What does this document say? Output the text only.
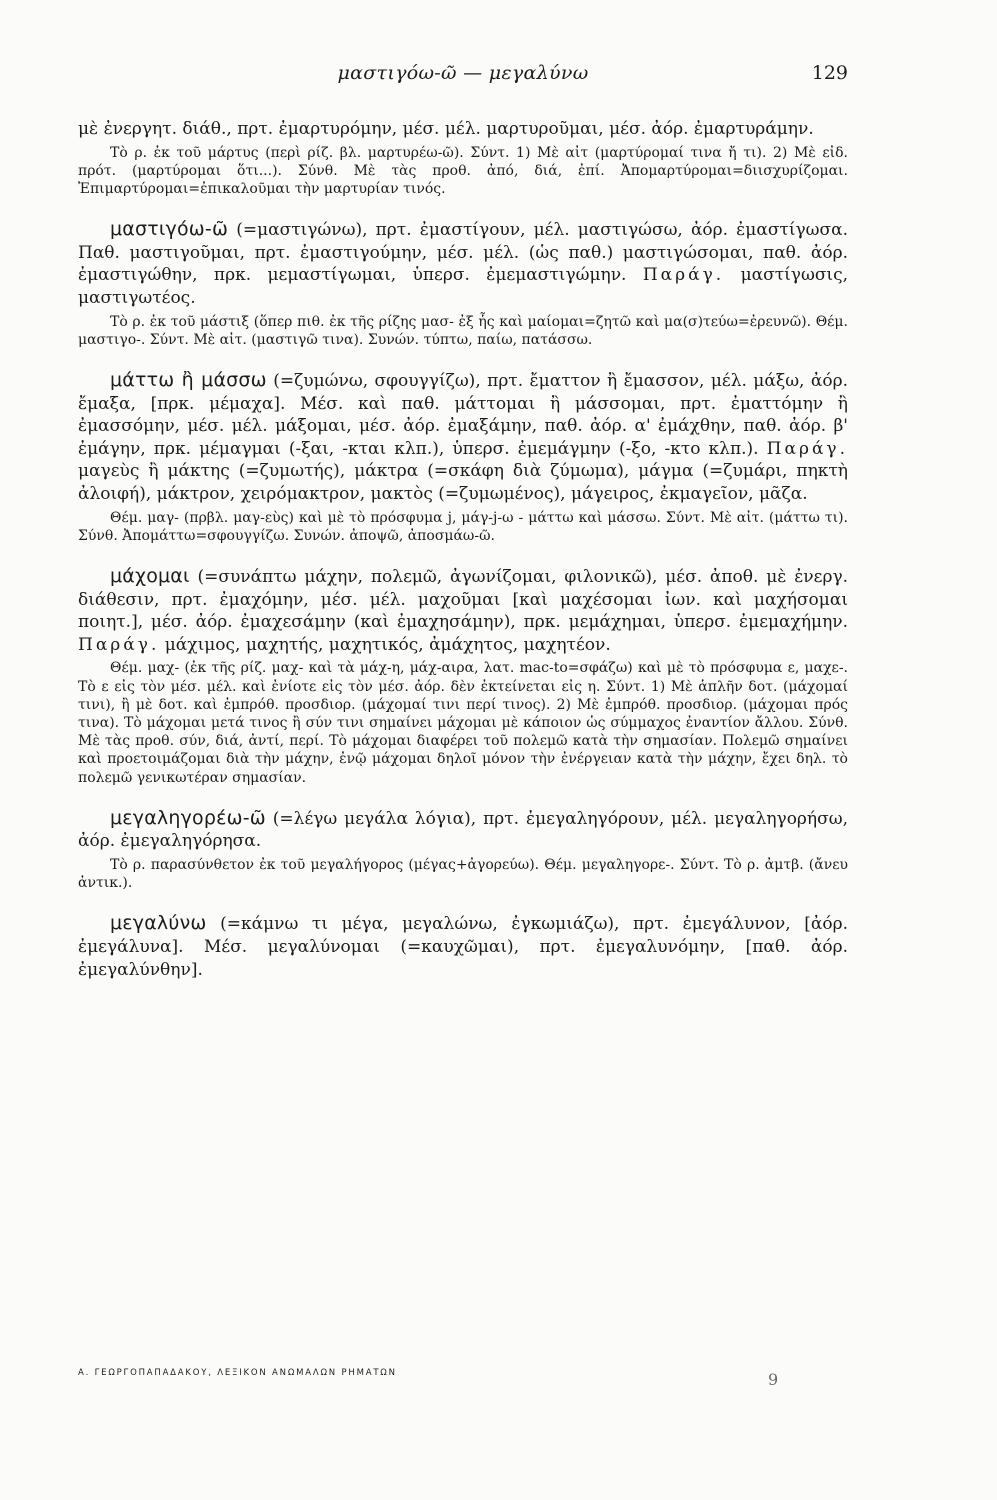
μαστιγόω-ῶ — μεγαλύνω	129

μὲ ἐνεργητ. διάθ., πρτ. ἐμαρτυρόμην, μέσ. μέλ. μαρτυροῦμαι, μέσ. ἀόρ. ἐμαρτυράμην.

Τὸ ρ. ἐκ τοῦ μάρτυς (περὶ ρίζ. βλ. μαρτυρέω-ῶ). Σύντ. 1) Μὲ αἰτ (μαρτύρομαί τινα ἤ τι). 2) Μὲ εἰδ. πρότ. (μαρτύρομαι ὅτι...). Σύνθ. Μὲ τὰς προθ. ἀπό, διά, ἐπί. Ἀπομαρτύρομαι=διισχυρίζομαι. Ἐπιμαρτύρομαι=ἐπικαλοῦμαι τὴν μαρτυρίαν τινός.

μαστιγόω-ῶ (=μαστιγώνω), πρτ. ἐμαστίγουν, μέλ. μαστιγώσω, ἀόρ. ἐμαστίγωσα. Παθ. μαστιγοῦμαι, πρτ. ἐμαστιγούμην, μέσ. μέλ. (ὡς παθ.) μαστιγώσομαι, παθ. ἀόρ. ἐμαστιγώθην, πρκ. μεμαστίγωμαι, ὑπερσ. ἐμεμαστιγώμην. Παράγ. μαστίγωσις, μαστιγωτέος.

Τὸ ρ. ἐκ τοῦ μάστιξ (ὅπερ πιθ. ἐκ τῆς ρίζης μασ- ἐξ ἧς καὶ μαίομαι=ζητῶ καὶ μα(σ)τεύω=ἐρευνῶ). Θέμ. μαστιγο-. Σύντ. Μὲ αἰτ. (μαστιγῶ τινα). Συνών. τύπτω, παίω, πατάσσω.

μάττω ἢ μάσσω (=ζυμώνω, σφουγγίζω), πρτ. ἔματτον ἢ ἔμασσον, μέλ. μάξω, ἀόρ. ἔμαξα, [πρκ. μέμαχα]. Μέσ. καὶ παθ. μάττομαι ἢ μάσσομαι, πρτ. ἐματτόμην ἢ ἐμασσόμην, μέσ. μέλ. μάξομαι, μέσ. ἀόρ. ἐμαξάμην, παθ. ἀόρ. α' ἐμάχθην, παθ. ἀόρ. β' ἐμάγην, πρκ. μέμαγμαι (-ξαι, -κται κλπ.), ὑπερσ. ἐμεμάγμην (-ξο, -κτο κλπ.). Παράγ. μαγεὺς ἢ μάκτης (=ζυμωτής), μάκτρα (=σκάφη διὰ ζύμωμα), μάγμα (=ζυμάρι, πηκτὴ ἀλοιφή), μάκτρον, χειρόμακτρον, μακτὸς (=ζυμωμένος), μάγειρος, ἐκμαγεῖον, μᾶζα.

Θέμ. μαγ- (πρβλ. μαγ-εὺς) καὶ μὲ τὸ πρόσφυμα j, μάγ-j-ω - μάττω καὶ μάσσω. Σύντ. Μὲ αἰτ. (μάττω τι). Σύνθ. Ἀπομάττω=σφουγγίζω. Συνών. ἀποψῶ, ἀποσμάω-ῶ.

μάχομαι (=συνάπτω μάχην, πολεμῶ, ἀγωνίζομαι, φιλονικῶ), μέσ. ἀποθ. μὲ ἐνεργ. διάθεσιν, πρτ. ἐμαχόμην, μέσ. μέλ. μαχοῦμαι [καὶ μαχέσομαι ἰων. καὶ μαχήσομαι ποιητ.], μέσ. ἀόρ. ἐμαχεσάμην (καὶ ἐμαχησάμην), πρκ. μεμάχημαι, ὑπερσ. ἐμεμαχήμην. Παράγ. μάχιμος, μαχητής, μαχητικός, ἀμάχητος, μαχητέον.

Θέμ. μαχ- (ἐκ τῆς ρίζ. μαχ- καὶ τὰ μάχ-η, μάχ-αιρα, λατ. mac-to=σφάζω) καὶ μὲ τὸ πρόσφυμα ε, μαχε-. Τὸ ε εἰς τὸν μέσ. μέλ. καὶ ἐνίοτε εἰς τὸν μέσ. ἀόρ. δὲν ἐκτείνεται εἰς η. Σύντ. 1) Μὲ ἁπλῆν δοτ. (μάχομαί τινι), ἢ μὲ δοτ. καὶ ἐμπρόθ. προσδιορ. (μάχομαί τινι περί τινος). 2) Μὲ ἐμπρόθ. προσδιορ. (μάχομαι πρός τινα). Τὸ μάχομαι μετά τινος ἢ σύν τινι σημαίνει μάχομαι μὲ κάποιον ὡς σύμμαχος ἐναντίον ἄλλου. Σύνθ. Μὲ τὰς προθ. σύν, διά, ἀντί, περί. Τὸ μάχομαι διαφέρει τοῦ πολεμῶ κατὰ τὴν σημασίαν. Πολεμῶ σημαίνει καὶ προετοιμάζομαι διὰ τὴν μάχην, ἐνῷ μάχομαι δηλοῖ μόνον τὴν ἐνέργειαν κατὰ τὴν μάχην, ἔχει δηλ. τὸ πολεμῶ γενικωτέραν σημασίαν.

μεγαληγορέω-ῶ (=λέγω μεγάλα λόγια), πρτ. ἐμεγαληγόρουν, μέλ. μεγαληγορήσω, ἀόρ. ἐμεγαληγόρησα.

Τὸ ρ. παρασύνθετον ἐκ τοῦ μεγαλήγορος (μέγας+ἀγορεύω). Θέμ. μεγαληγορε-. Σύντ. Τὸ ρ. ἀμτβ. (ἄνευ ἀντικ.).

μεγαλύνω (=κάμνω τι μέγα, μεγαλώνω, ἐγκωμιάζω), πρτ. ἐμεγάλυνον, [ἀόρ. ἐμεγάλυνα]. Μέσ. μεγαλύνομαι (=καυχῶμαι), πρτ. ἐμεγαλυνόμην, [παθ. ἀόρ. ἐμεγαλύνθην].

Α. ΓΕΩΡΓΟΠΑΠΑΔΑΚΟΥ, ΛΕΞΙΚΟΝ ΑΝΩΜΑΛΩΝ ΡΗΜΑΤΩΝ	9
